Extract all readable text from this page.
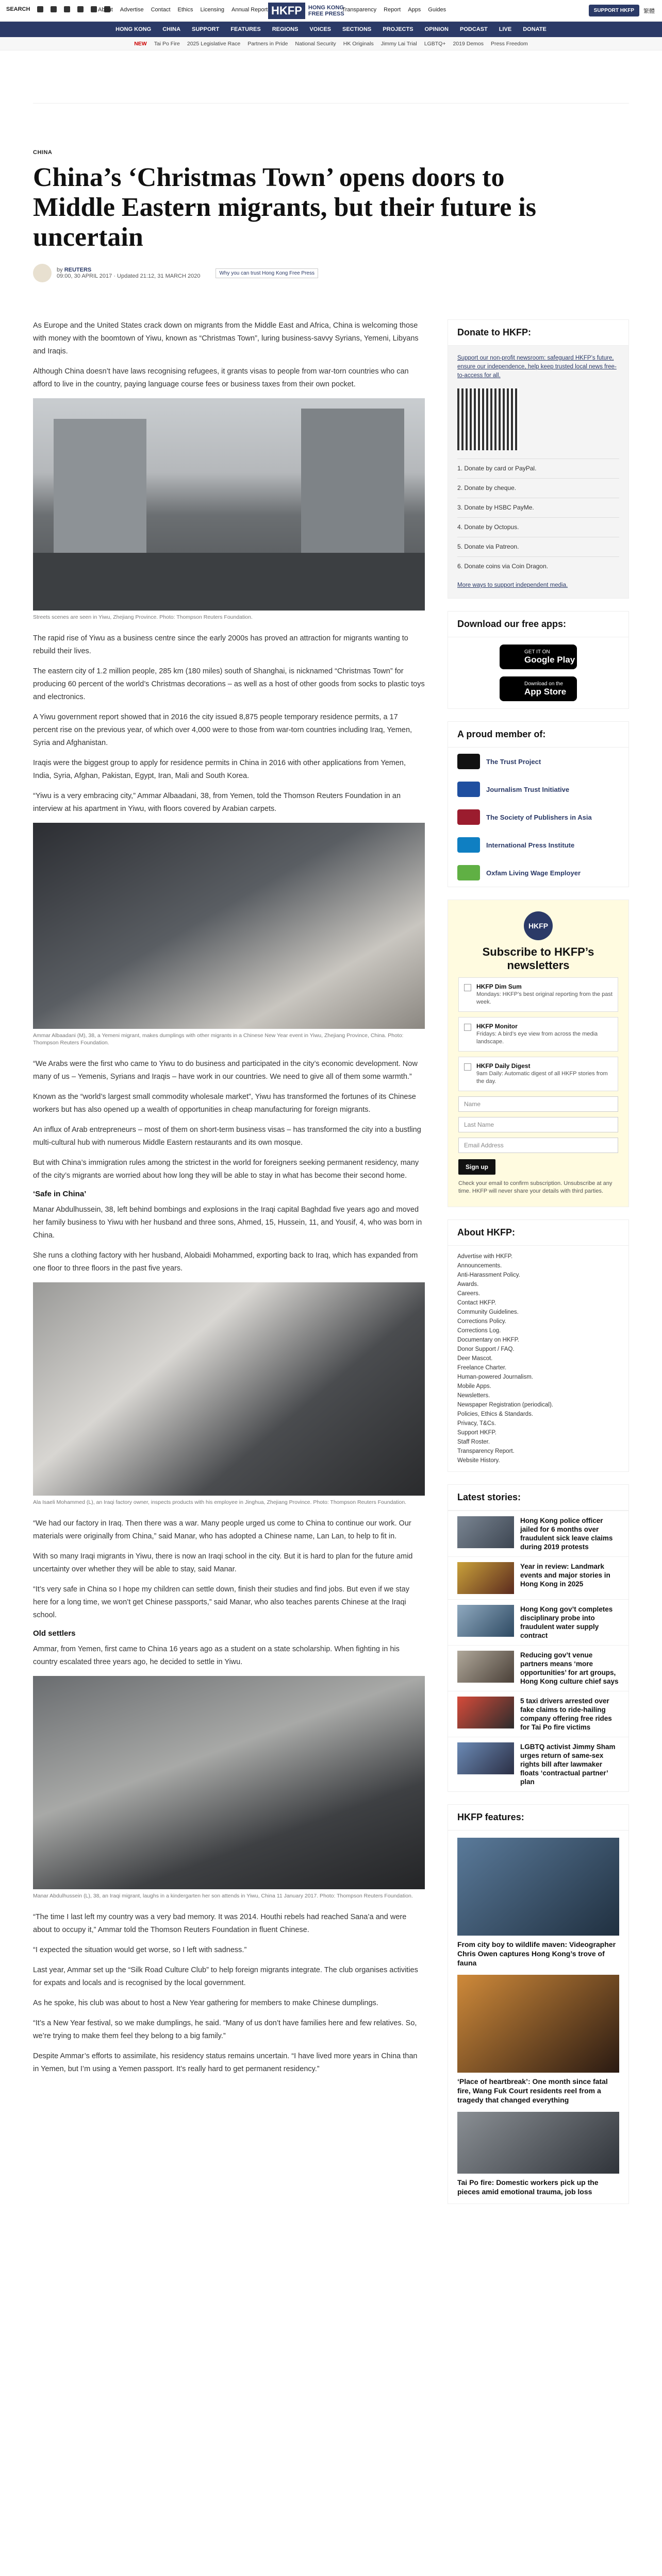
SEARCH	About Advertise Contact Ethics Licensing Annual Report	Transparency Report Apps Guides
HKFP	HONG KONG
FREE PRESS
SUPPORT HKFP	繁體
HONG KONG CHINA SUPPORT FEATURES REGIONS VOICES SECTIONS PROJECTS OPINION PODCAST LIVE DONATE
NEW Tai Po Fire 2025 Legislative Race Partners in Pride National Security HK Originals Jimmy Lai Trial LGBTQ+ 2019 Demos Press Freedom
CHINA
China’s ‘Christmas Town’ opens doors to Middle Eastern migrants, but their future is uncertain
by REUTERS
09:00, 30 APRIL 2017 · Updated 21:12, 31 MARCH 2020	Why you can trust Hong Kong Free Press

As Europe and the United States crack down on migrants from the Middle East and Africa, China is welcoming those with money with the boomtown of Yiwu, known as “Christmas Town”, luring business-savvy Syrians, Yemeni, Libyans and Iraqis.

Although China doesn’t have laws recognising refugees, it grants visas to people from war-torn countries who can afford to live in the country, paying language course fees or business taxes from their own pocket.

Streets scenes are seen in Yiwu, Zhejiang Province. Photo: Thompson Reuters Foundation.

The rapid rise of Yiwu as a business centre since the early 2000s has proved an attraction for migrants wanting to rebuild their lives.

The eastern city of 1.2 million people, 285 km (180 miles) south of Shanghai, is nicknamed “Christmas Town” for producing 60 percent of the world’s Christmas decorations – as well as a host of other goods from socks to plastic toys and electronics.

A Yiwu government report showed that in 2016 the city issued 8,875 people temporary residence permits, a 17 percent rise on the previous year, of which over 4,000 were to those from war-torn countries including Iraq, Yemen, Syria and Afghanistan.

Iraqis were the biggest group to apply for residence permits in China in 2016 with other applications from Yemen, India, Syria, Afghan, Pakistan, Egypt, Iran, Mali and South Korea.

“Yiwu is a very embracing city,” Ammar Albaadani, 38, from Yemen, told the Thomson Reuters Foundation in an interview at his apartment in Yiwu, with floors covered by Arabian carpets.

Ammar Albaadani (M), 38, a Yemeni migrant, makes dumplings with other migrants in a Chinese New Year event in Yiwu, Zhejiang Province, China. Photo: Thompson Reuters Foundation.

“We Arabs were the first who came to Yiwu to do business and participated in the city’s economic development. Now many of us – Yemenis, Syrians and Iraqis – have work in our countries. We need to give all of them some warmth.”

Known as the “world’s largest small commodity wholesale market”, Yiwu has transformed the fortunes of its Chinese workers but has also opened up a wealth of opportunities in cheap manufacturing for foreign migrants.

An influx of Arab entrepreneurs – most of them on short-term business visas – has transformed the city into a bustling multi-cultural hub with numerous Middle Eastern restaurants and its own mosque.

But with China’s immigration rules among the strictest in the world for foreigners seeking permanent residency, many of the city’s migrants are worried about how long they will be able to stay in what has become their second home.

‘Safe in China’

Manar Abdulhussein, 38, left behind bombings and explosions in the Iraqi capital Baghdad five years ago and moved her family business to Yiwu with her husband and three sons, Ahmed, 15, Hussein, 11, and Yousif, 4, who was born in China.

She runs a clothing factory with her husband, Alobaidi Mohammed, exporting back to Iraq, which has expanded from one floor to three floors in the past five years.

Ala Isaeli Mohammed (L), an Iraqi factory owner, inspects products with his employee in Jinghua, Zhejiang Province. Photo: Thompson Reuters Foundation.

“We had our factory in Iraq. Then there was a war. Many people urged us come to China to continue our work. Our materials were originally from China,” said Manar, who has adopted a Chinese name, Lan Lan, to help to fit in.

With so many Iraqi migrants in Yiwu, there is now an Iraqi school in the city. But it is hard to plan for the future amid uncertainty over whether they will be able to stay, said Manar.

“It’s very safe in China so I hope my children can settle down, finish their studies and find jobs. But even if we stay here for a long time, we won’t get Chinese passports,” said Manar, who also teaches parents Chinese at the Iraqi school.

Old settlers

Ammar, from Yemen, first came to China 16 years ago as a student on a state scholarship. When fighting in his country escalated three years ago, he decided to settle in Yiwu.

Manar Abdulhussein (L), 38, an Iraqi migrant, laughs in a kindergarten her son attends in Yiwu, China 11 January 2017. Photo: Thompson Reuters Foundation.

“The time I last left my country was a very bad memory. It was 2014. Houthi rebels had reached Sana’a and were about to occupy it,” Ammar told the Thomson Reuters Foundation in fluent Chinese.

“I expected the situation would get worse, so I left with sadness.”

Last year, Ammar set up the “Silk Road Culture Club” to help foreign migrants integrate. The club organises activities for expats and locals and is recognised by the local government.

As he spoke, his club was about to host a New Year gathering for members to make Chinese dumplings.

“It’s a New Year festival, so we make dumplings, he said. “Many of us don’t have families here and few relatives. So, we’re trying to make them feel they belong to a big family.”

Despite Ammar’s efforts to assimilate, his residency status remains uncertain. “I have lived more years in China than in Yemen, but I’m using a Yemen passport. It’s really hard to get permanent residency.”

Donate to HKFP:
Support our non-profit newsroom: safeguard HKFP’s future, ensure our independence, help keep trusted local news free-to-access for all.
1. Donate by card or PayPal.
2. Donate by cheque.
3. Donate by HSBC PayMe.
4. Donate by Octopus.
5. Donate via Patreon.
6. Donate coins via Coin Dragon.
More ways to support independent media.
Download our free apps:
GET IT ON
Google Play
Download on the
App Store
A proud member of:
The Trust Project
Journalism Trust Initiative
The Society of Publishers in Asia
International Press Institute
Oxfam Living Wage Employer
HKFP
Subscribe to HKFP’s newsletters
HKFP Dim Sum
Mondays: HKFP’s best original reporting from the past week.
HKFP Monitor
Fridays: A bird’s eye view from across the media landscape.
HKFP Daily Digest
9am Daily: Automatic digest of all HKFP stories from the day.
Name
Last Name
Email Address
Sign up
Check your email to confirm subscription. Unsubscribe at any time. HKFP will never share your details with third parties.
About HKFP:
Advertise with HKFP.
Announcements.
Anti-Harassment Policy.
Awards.
Careers.
Contact HKFP.
Community Guidelines.
Corrections Policy.
Corrections Log.
Documentary on HKFP.
Donor Support / FAQ.
Deer Mascot.
Freelance Charter.
Human-powered Journalism.
Mobile Apps.
Newsletters.
Newspaper Registration (periodical).
Policies, Ethics & Standards.
Privacy, T&Cs.
Support HKFP.
Staff Roster.
Transparency Report.
Website History.
Latest stories:
Hong Kong police officer jailed for 6 months over fraudulent sick leave claims during 2019 protests
Year in review: Landmark events and major stories in Hong Kong in 2025
Hong Kong gov’t completes disciplinary probe into fraudulent water supply contract
Reducing gov’t venue partners means ‘more opportunities’ for art groups, Hong Kong culture chief says
5 taxi drivers arrested over fake claims to ride-hailing company offering free rides for Tai Po fire victims
LGBTQ activist Jimmy Sham urges return of same-sex rights bill after lawmaker floats ‘contractual partner’ plan
HKFP features:
From city boy to wildlife maven: Videographer Chris Owen captures Hong Kong’s trove of fauna
‘Place of heartbreak’: One month since fatal fire, Wang Fuk Court residents reel from a tragedy that changed everything
Tai Po fire: Domestic workers pick up the pieces amid emotional trauma, job loss
